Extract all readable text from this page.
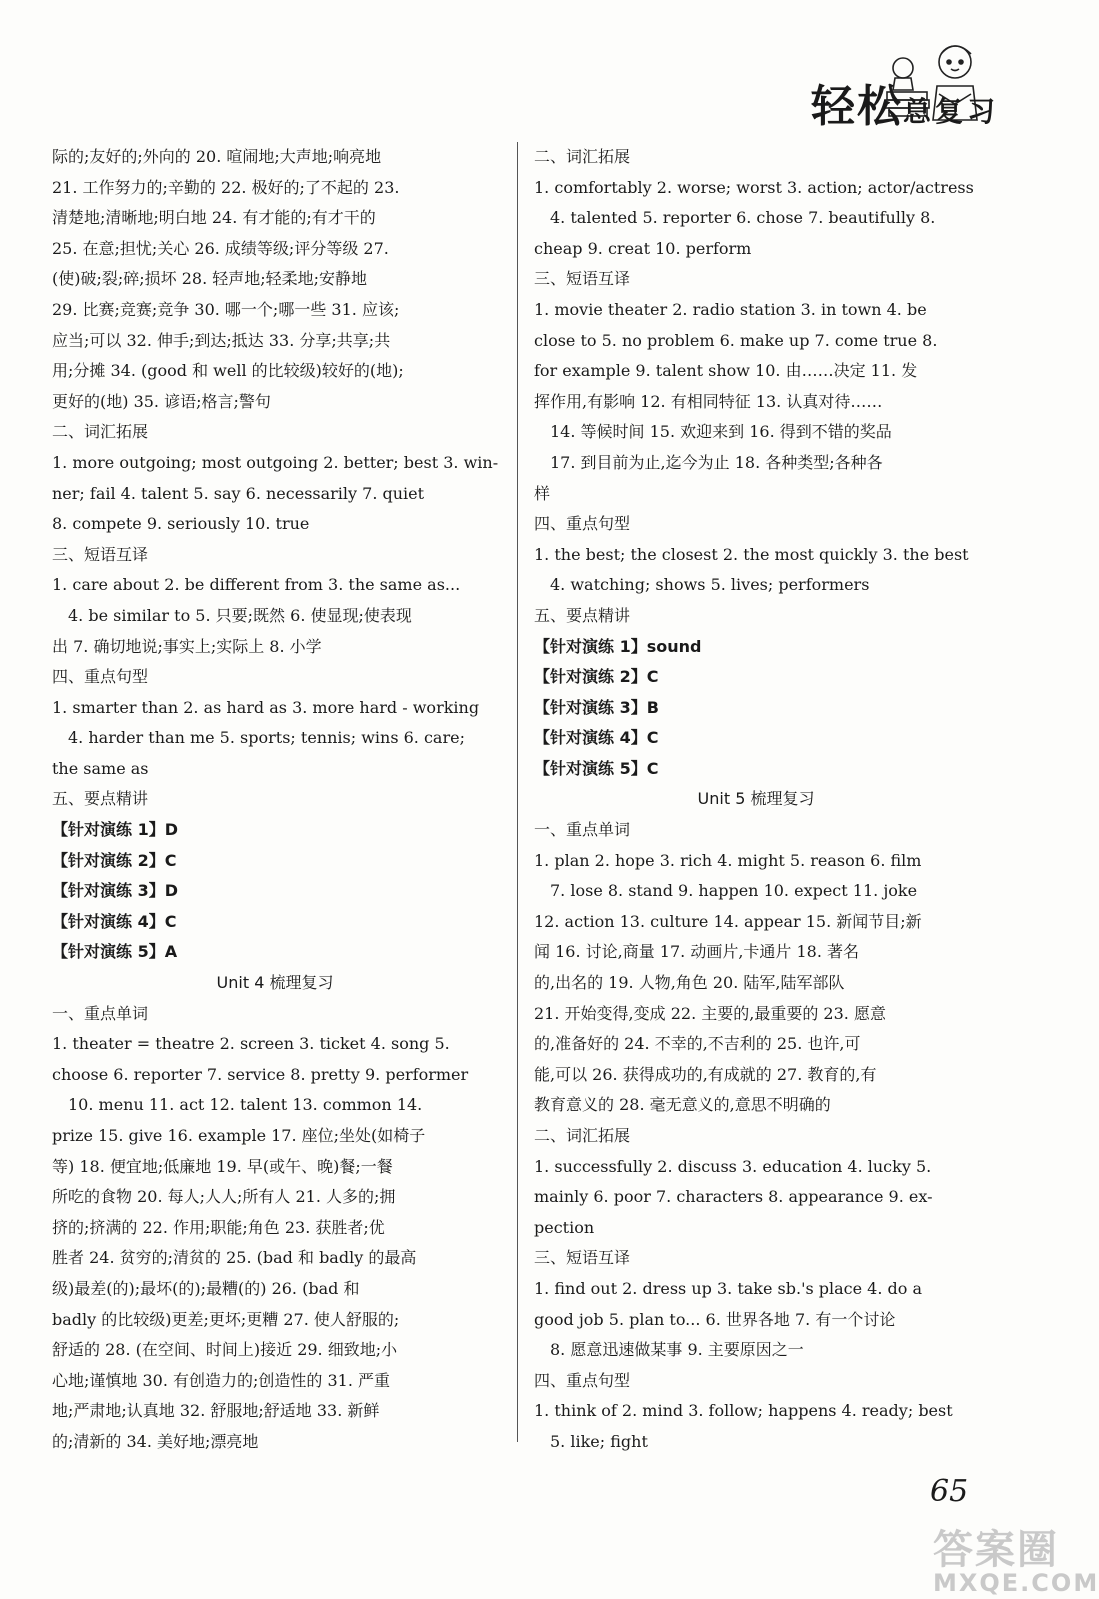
轻松总复习
际的;友好的;外向的 20. 喧闹地;大声地;响亮地
21. 工作努力的;辛勤的 22. 极好的;了不起的 23.
清楚地;清晰地;明白地 24. 有才能的;有才干的
25. 在意;担忧;关心 26. 成绩等级;评分等级 27.
(使)破;裂;碎;损坏 28. 轻声地;轻柔地;安静地
29. 比赛;竞赛;竞争 30. 哪一个;哪一些 31. 应该;
应当;可以 32. 伸手;到达;抵达 33. 分享;共享;共
用;分摊 34. (good 和 well 的比较级)较好的(地);
更好的(地) 35. 谚语;格言;警句
二、词汇拓展
1. more outgoing; most outgoing 2. better; best 3. win-
ner; fail 4. talent 5. say 6. necessarily 7. quiet
8. compete 9. seriously 10. true
三、短语互译
1. care about 2. be different from 3. the same as...
4. be similar to 5. 只要;既然 6. 使显现;使表现
出 7. 确切地说;事实上;实际上 8. 小学
四、重点句型
1. smarter than 2. as hard as 3. more hard - working
4. harder than me 5. sports; tennis; wins 6. care;
the same as
五、要点精讲
【针对演练 1】D
【针对演练 2】C
【针对演练 3】D
【针对演练 4】C
【针对演练 5】A
Unit 4 梳理复习
一、重点单词
1. theater = theatre 2. screen 3. ticket 4. song 5.
choose 6. reporter 7. service 8. pretty 9. performer
10. menu 11. act 12. talent 13. common 14.
prize 15. give 16. example 17. 座位;坐处(如椅子
等) 18. 便宜地;低廉地 19. 早(或午、晚)餐;一餐
所吃的食物 20. 每人;人人;所有人 21. 人多的;拥
挤的;挤满的 22. 作用;职能;角色 23. 获胜者;优
胜者 24. 贫穷的;清贫的 25. (bad 和 badly 的最高
级)最差(的);最坏(的);最糟(的) 26. (bad 和
badly 的比较级)更差;更坏;更糟 27. 使人舒服的;
舒适的 28. (在空间、时间上)接近 29. 细致地;小
心地;谨慎地 30. 有创造力的;创造性的 31. 严重
地;严肃地;认真地 32. 舒服地;舒适地 33. 新鲜
的;清新的 34. 美好地;漂亮地
二、词汇拓展
1. comfortably 2. worse; worst 3. action; actor/actress
4. talented 5. reporter 6. chose 7. beautifully 8.
cheap 9. creat 10. perform
三、短语互译
1. movie theater 2. radio station 3. in town 4. be
close to 5. no problem 6. make up 7. come true 8.
for example 9. talent show 10. 由……决定 11. 发
挥作用,有影响 12. 有相同特征 13. 认真对待……
14. 等候时间 15. 欢迎来到 16. 得到不错的奖品
17. 到目前为止,迄今为止 18. 各种类型;各种各
样
四、重点句型
1. the best; the closest 2. the most quickly 3. the best
4. watching; shows 5. lives; performers
五、要点精讲
【针对演练 1】sound
【针对演练 2】C
【针对演练 3】B
【针对演练 4】C
【针对演练 5】C
Unit 5 梳理复习
一、重点单词
1. plan 2. hope 3. rich 4. might 5. reason 6. film
7. lose 8. stand 9. happen 10. expect 11. joke
12. action 13. culture 14. appear 15. 新闻节目;新
闻 16. 讨论,商量 17. 动画片,卡通片 18. 著名
的,出名的 19. 人物,角色 20. 陆军,陆军部队
21. 开始变得,变成 22. 主要的,最重要的 23. 愿意
的,准备好的 24. 不幸的,不吉利的 25. 也许,可
能,可以 26. 获得成功的,有成就的 27. 教育的,有
教育意义的 28. 毫无意义的,意思不明确的
二、词汇拓展
1. successfully 2. discuss 3. education 4. lucky 5.
mainly 6. poor 7. characters 8. appearance 9. ex-
pection
三、短语互译
1. find out 2. dress up 3. take sb.'s place 4. do a
good job 5. plan to... 6. 世界各地 7. 有一个讨论
8. 愿意迅速做某事 9. 主要原因之一
四、重点句型
1. think of 2. mind 3. follow; happens 4. ready; best
5. like; fight
65
答案圈
MXQE.COM
